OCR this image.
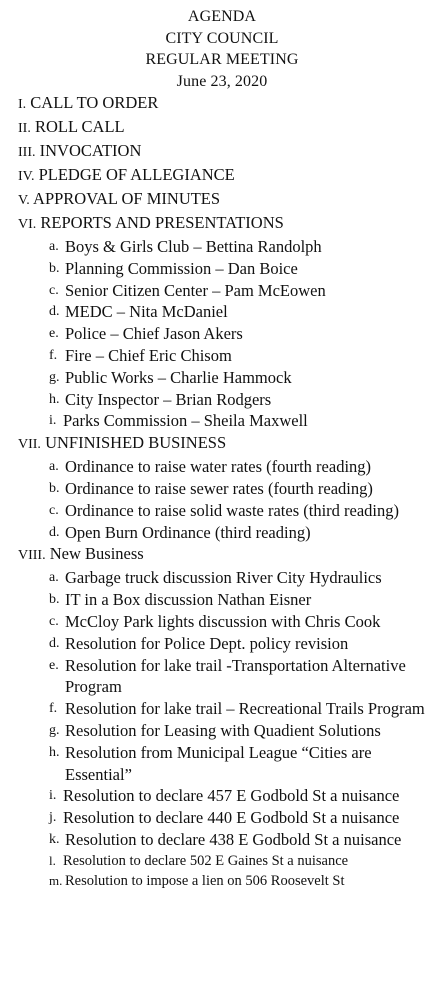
AGENDA
CITY COUNCIL
REGULAR MEETING
June 23, 2020
I. CALL TO ORDER
II. ROLL CALL
III. INVOCATION
IV. PLEDGE OF ALLEGIANCE
V. APPROVAL OF MINUTES
VI. REPORTS AND PRESENTATIONS
a. Boys & Girls Club – Bettina Randolph
b. Planning Commission – Dan Boice
c. Senior Citizen Center – Pam McEowen
d. MEDC – Nita McDaniel
e. Police – Chief Jason Akers
f. Fire – Chief Eric Chisom
g. Public Works – Charlie Hammock
h. City Inspector – Brian Rodgers
i. Parks Commission – Sheila Maxwell
VII. UNFINISHED BUSINESS
a. Ordinance to raise water rates (fourth reading)
b. Ordinance to raise sewer rates (fourth reading)
c. Ordinance to raise solid waste rates (third reading)
d. Open Burn Ordinance (third reading)
VIII. New Business
a. Garbage truck discussion River City Hydraulics
b. IT in a Box discussion Nathan Eisner
c. McCloy Park lights discussion with Chris Cook
d. Resolution for Police Dept. policy revision
e. Resolution for lake trail -Transportation Alternative Program
f. Resolution for lake trail – Recreational Trails Program
g. Resolution for Leasing with Quadient Solutions
h. Resolution from Municipal League “Cities are Essential”
i. Resolution to declare 457 E Godbold St a nuisance
j. Resolution to declare 440 E Godbold St a nuisance
k. Resolution to declare 438 E Godbold St a nuisance
l. Resolution to declare 502 E Gaines St a nuisance
m. Resolution to impose a lien on 506 Roosevelt St
